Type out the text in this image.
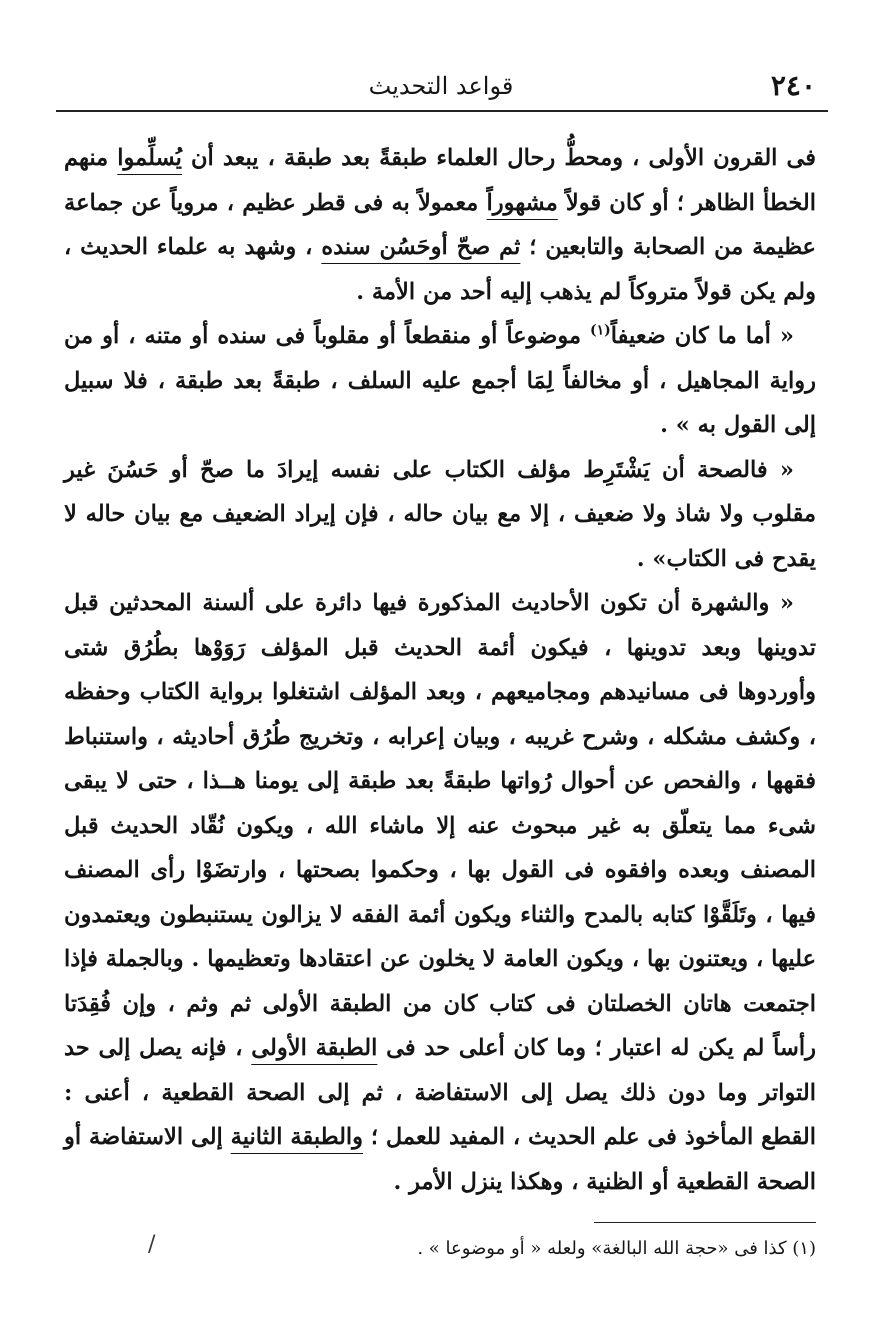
٢٤٠
قواعد التحديث

فى القرون الأولى ، ومحطُّ رحال العلماء طبقةً بعد طبقة ، يبعد أن يُسلِّموا منهم الخطأ الظاهر ؛ أو كان قولاً مشهوراً معمولاً به فى قطر عظيم ، مروياً عن جماعة عظيمة من الصحابة والتابعين ؛ ثم صحّ أوحَسُن سنده ، وشهد به علماء الحديث ، ولم يكن قولاً متروكاً لم يذهب إليه أحد من الأمة .

« أما ما كان ضعيفاً$^{(١)}$ موضوعاً أو منقطعاً أو مقلوباً فى سنده أو متنه ، أو من رواية المجاهيل ، أو مخالفاً لِمَا أجمع عليه السلف ، طبقةً بعد طبقة ، فلا سبيل إلى القول به » .

« فالصحة أن يَشْتَرِط مؤلف الكتاب على نفسه إيرادَ ما صحّ أو حَسُنَ غير مقلوب ولا شاذ ولا ضعيف ، إلا مع بيان حاله ، فإن إيراد الضعيف مع بيان حاله لا يقدح فى الكتاب» .

« والشهرة أن تكون الأحاديث المذكورة فيها دائرة على ألسنة المحدثين قبل تدوينها وبعد تدوينها ، فيكون أئمة الحديث قبل المؤلف رَوَوْها بطُرُق شتى وأوردوها فى مسانيدهم ومجاميعهم ، وبعد المؤلف اشتغلوا برواية الكتاب وحفظه ، وكشف مشكله ، وشرح غريبه ، وبيان إعرابه ، وتخريج طُرُق أحاديثه ، واستنباط فقهها ، والفحص عن أحوال رُواتها طبقةً بعد طبقة إلى يومنا هــذا ، حتى لا يبقى شىء مما يتعلّق به غير مبحوث عنه إلا ماشاء الله ، ويكون نُقّاد الحديث قبل المصنف وبعده وافقوه فى القول بها ، وحكموا بصحتها ، وارتضَوْا رأى المصنف فيها ، وتَلَقَّوْا كتابه بالمدح والثناء ويكون أئمة الفقه لا يزالون يستنبطون ويعتمدون عليها ، ويعتنون بها ، ويكون العامة لا يخلون عن اعتقادها وتعظيمها . وبالجملة فإذا اجتمعت هاتان الخصلتان فى كتاب كان من الطبقة الأولى ثم وثم ، وإن فُقِدَتا رأساً لم يكن له اعتبار ؛ وما كان أعلى حد فى الطبقة الأولى ، فإنه يصل إلى حد التواتر وما دون ذلك يصل إلى الاستفاضة ، ثم إلى الصحة القطعية ، أعنى : القطع المأخوذ فى علم الحديث ، المفيد للعمل ؛ والطبقة الثانية إلى الاستفاضة أو الصحة القطعية أو الظنية ، وهكذا ينزل الأمر .

(١) كذا فى «حجة الله البالغة» ولعله « أو موضوعا » .
/
